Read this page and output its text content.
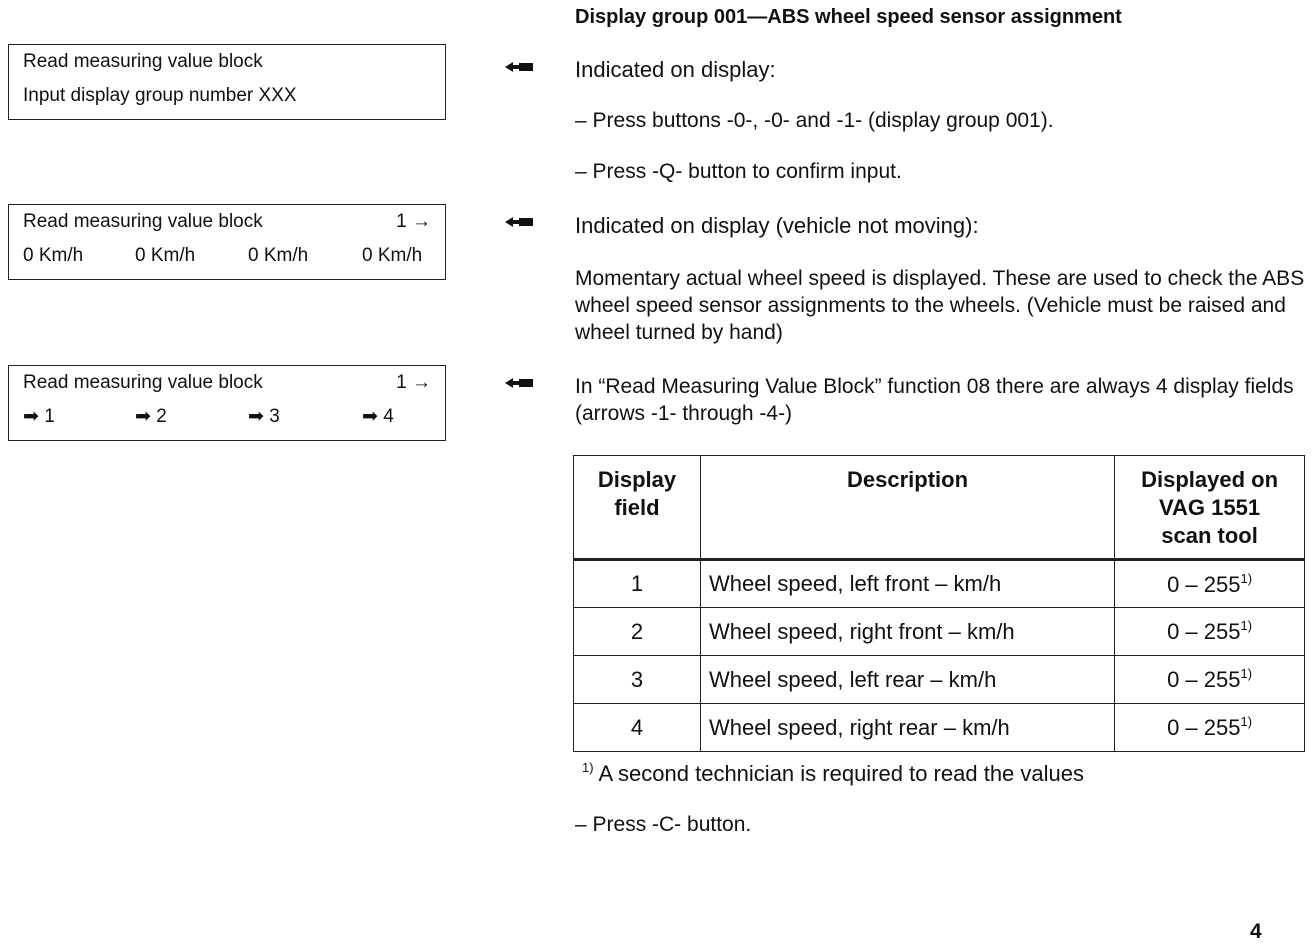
Read measuring value block
Input display group number XXX
Read measuring value block	1 →
0 Km/h	0 Km/h	0 Km/h	0 Km/h
Read measuring value block	1 →
➡ 1	➡ 2	➡ 3	➡ 4
Display group 001—ABS wheel speed sensor assignment
Indicated on display:
– Press buttons -0-, -0- and -1- (display group 001).
– Press -Q- button to confirm input.
Indicated on display (vehicle not moving):
Momentary actual wheel speed is displayed. These are used to check the ABS wheel speed sensor assignments to the wheels. (Vehicle must be raised and wheel turned by hand)
In “Read Measuring Value Block” function 08 there are always 4 display fields (arrows -1- through -4-)
Display field	Description	Displayed on VAG 1551 scan tool
1	Wheel speed, left front – km/h	0 – 255$^{1)}$
2	Wheel speed, right front – km/h	0 – 255$^{1)}$
3	Wheel speed, left rear – km/h	0 – 255$^{1)}$
4	Wheel speed, right rear – km/h	0 – 255$^{1)}$
$^{1)}$ A second technician is required to read the values
– Press -C- button.
4
